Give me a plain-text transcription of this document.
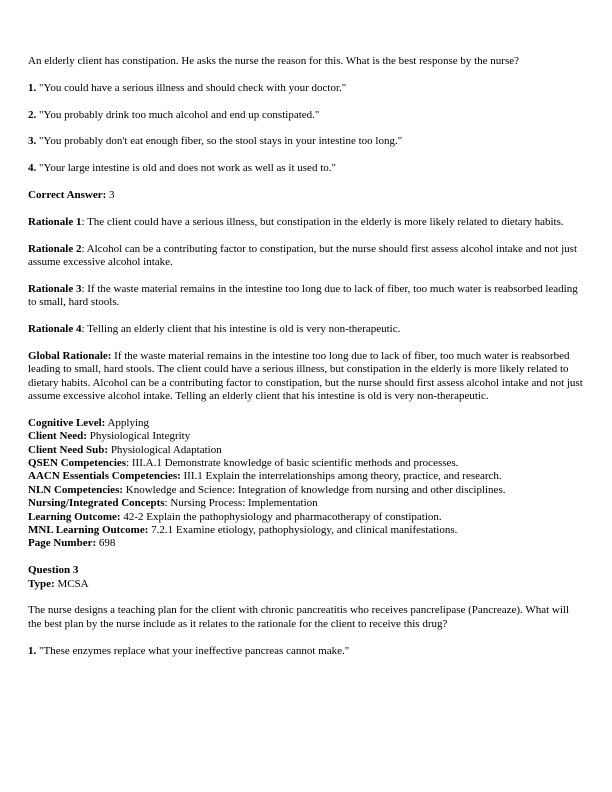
An elderly client has constipation. He asks the nurse the reason for this. What is the best response by the nurse?

1. "You could have a serious illness and should check with your doctor."

2. "You probably drink too much alcohol and end up constipated."

3. "You probably don't eat enough fiber, so the stool stays in your intestine too long."

4. "Your large intestine is old and does not work as well as it used to."

Correct Answer: 3

Rationale 1: The client could have a serious illness, but constipation in the elderly is more likely related to dietary habits.

Rationale 2: Alcohol can be a contributing factor to constipation, but the nurse should first assess alcohol intake and not just assume excessive alcohol intake.

Rationale 3: If the waste material remains in the intestine too long due to lack of fiber, too much water is reabsorbed leading to small, hard stools.

Rationale 4: Telling an elderly client that his intestine is old is very non-therapeutic.

Global Rationale: If the waste material remains in the intestine too long due to lack of fiber, too much water is reabsorbed leading to small, hard stools. The client could have a serious illness, but constipation in the elderly is more likely related to dietary habits. Alcohol can be a contributing factor to constipation, but the nurse should first assess alcohol intake and not just assume excessive alcohol intake. Telling an elderly client that his intestine is old is very non-therapeutic.

Cognitive Level: Applying

Client Need: Physiological Integrity

Client Need Sub: Physiological Adaptation

QSEN Competencies: III.A.1 Demonstrate knowledge of basic scientific methods and processes.

AACN Essentials Competencies: III.1 Explain the interrelationships among theory, practice, and research.

NLN Competencies: Knowledge and Science: Integration of knowledge from nursing and other disciplines.

Nursing/Integrated Concepts: Nursing Process: Implementation

Learning Outcome: 42-2 Explain the pathophysiology and pharmacotherapy of constipation.

MNL Learning Outcome: 7.2.1 Examine etiology, pathophysiology, and clinical manifestations.

Page Number: 698

Question 3

Type: MCSA

The nurse designs a teaching plan for the client with chronic pancreatitis who receives pancrelipase (Pancreaze). What will the best plan by the nurse include as it relates to the rationale for the client to receive this drug?

1. "These enzymes replace what your ineffective pancreas cannot make."
